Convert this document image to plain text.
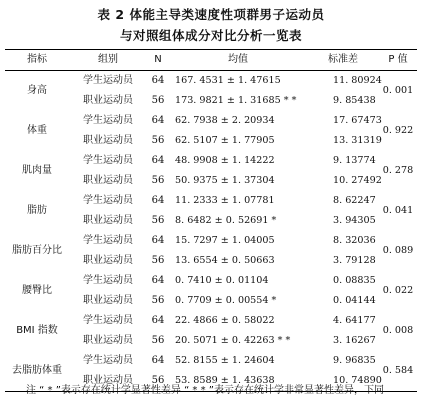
表 2 体能主导类速度性项群男子运动员
与对照组体成分对比分析一览表
指标	组别	N	均值	标准差	P 值
身高	学生运动员	64	167. 4531 ± 1. 47615	11. 80924	0. 001
	职业运动员	56	173. 9821 ± 1. 31685 * *	9. 85438	
体重	学生运动员	64	62. 7938 ± 2. 20934	17. 67473	0. 922
	职业运动员	56	62. 5107 ± 1. 77905	13. 31319	
肌肉量	学生运动员	64	48. 9908 ± 1. 14222	9. 13774	0. 278
	职业运动员	56	50. 9375 ± 1. 37304	10. 27492	
脂肪	学生运动员	64	11. 2333 ± 1. 07781	8. 62247	0. 041
	职业运动员	56	8. 6482 ± 0. 52691 *	3. 94305	
脂肪百分比	学生运动员	64	15. 7297 ± 1. 04005	8. 32036	0. 089
	职业运动员	56	13. 6554 ± 0. 50663	3. 79128	
腰臀比	学生运动员	64	0. 7410 ± 0. 01104	0. 08835	0. 022
	职业运动员	56	0. 7709 ± 0. 00554 *	0. 04144	
BMI 指数	学生运动员	64	22. 4866 ± 0. 58022	4. 64177	0. 008
	职业运动员	56	20. 5071 ± 0. 42263 * *	3. 16267	
去脂肪体重	学生运动员	64	52. 8155 ± 1. 24604	9. 96835	0. 584
	职业运动员	56	53. 8589 ± 1. 43638	10. 74890	
注 “ * ”表示存在统计学显著性差异 “ * * ”表示存在统计学非常显著性差异，下同
